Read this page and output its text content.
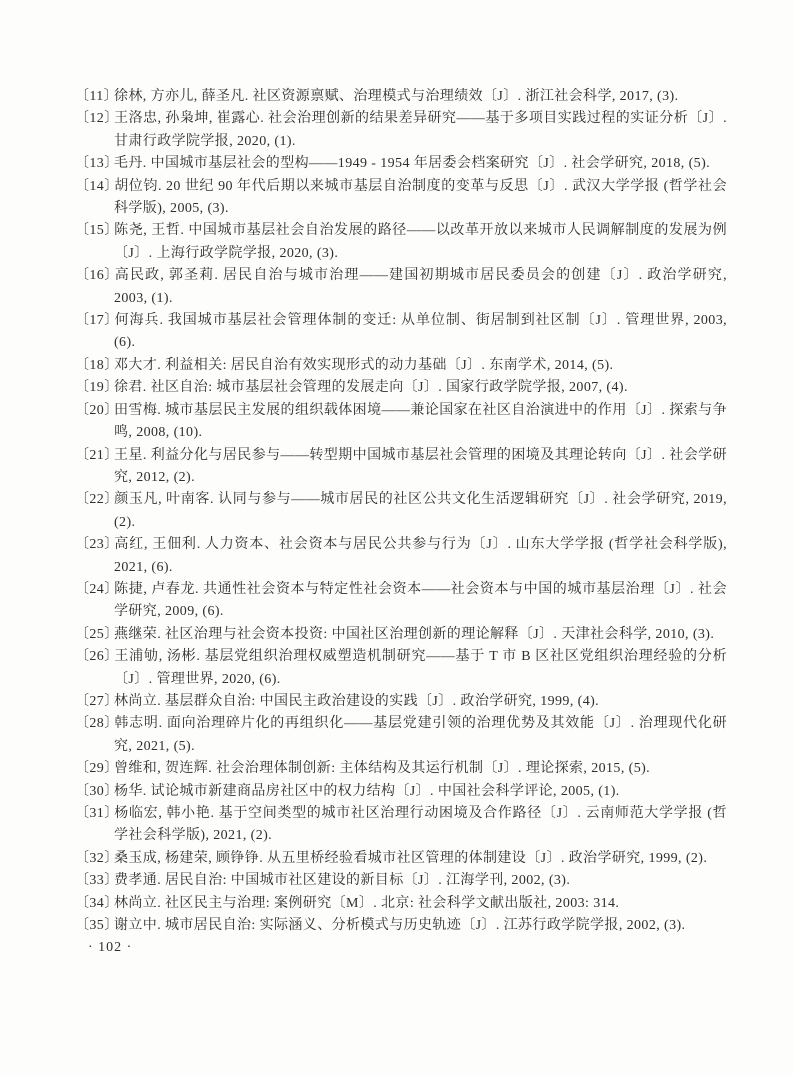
〔11〕徐林, 方亦儿, 薛圣凡. 社区资源禀赋、治理模式与治理绩效〔J〕. 浙江社会科学, 2017, (3).

〔12〕王洛忠, 孙枭坤, 崔露心. 社会治理创新的结果差异研究——基于多项目实践过程的实证分析〔J〕. 甘肃行政学院学报, 2020, (1).

〔13〕毛丹. 中国城市基层社会的型构——1949 - 1954 年居委会档案研究〔J〕. 社会学研究, 2018, (5).

〔14〕胡位钧. 20 世纪 90 年代后期以来城市基层自治制度的变革与反思〔J〕. 武汉大学学报 (哲学社会科学版), 2005, (3).

〔15〕陈尧, 王哲. 中国城市基层社会自治发展的路径——以改革开放以来城市人民调解制度的发展为例〔J〕. 上海行政学院学报, 2020, (3).

〔16〕高民政, 郭圣莉. 居民自治与城市治理——建国初期城市居民委员会的创建〔J〕. 政治学研究, 2003, (1).

〔17〕何海兵. 我国城市基层社会管理体制的变迁: 从单位制、街居制到社区制〔J〕. 管理世界, 2003, (6).

〔18〕邓大才. 利益相关: 居民自治有效实现形式的动力基础〔J〕. 东南学术, 2014, (5).

〔19〕徐君. 社区自治: 城市基层社会管理的发展走向〔J〕. 国家行政学院学报, 2007, (4).

〔20〕田雪梅. 城市基层民主发展的组织载体困境——兼论国家在社区自治演进中的作用〔J〕. 探索与争鸣, 2008, (10).

〔21〕王星. 利益分化与居民参与——转型期中国城市基层社会管理的困境及其理论转向〔J〕. 社会学研究, 2012, (2).

〔22〕颜玉凡, 叶南客. 认同与参与——城市居民的社区公共文化生活逻辑研究〔J〕. 社会学研究, 2019, (2).

〔23〕高红, 王佃利. 人力资本、社会资本与居民公共参与行为〔J〕. 山东大学学报 (哲学社会科学版), 2021, (6).

〔24〕陈捷, 卢春龙. 共通性社会资本与特定性社会资本——社会资本与中国的城市基层治理〔J〕. 社会学研究, 2009, (6).

〔25〕燕继荣. 社区治理与社会资本投资: 中国社区治理创新的理论解释〔J〕. 天津社会科学, 2010, (3).

〔26〕王浦劬, 汤彬. 基层党组织治理权威塑造机制研究——基于 T 市 B 区社区党组织治理经验的分析〔J〕. 管理世界, 2020, (6).

〔27〕林尚立. 基层群众自治: 中国民主政治建设的实践〔J〕. 政治学研究, 1999, (4).

〔28〕韩志明. 面向治理碎片化的再组织化——基层党建引领的治理优势及其效能〔J〕. 治理现代化研究, 2021, (5).

〔29〕曾维和, 贺连辉. 社会治理体制创新: 主体结构及其运行机制〔J〕. 理论探索, 2015, (5).

〔30〕杨华. 试论城市新建商品房社区中的权力结构〔J〕. 中国社会科学评论, 2005, (1).

〔31〕杨临宏, 韩小艳. 基于空间类型的城市社区治理行动困境及合作路径〔J〕. 云南师范大学学报 (哲学社会科学版), 2021, (2).

〔32〕桑玉成, 杨建荣, 顾铮铮. 从五里桥经验看城市社区管理的体制建设〔J〕. 政治学研究, 1999, (2).

〔33〕费孝通. 居民自治: 中国城市社区建设的新目标〔J〕. 江海学刊, 2002, (3).

〔34〕林尚立. 社区民主与治理: 案例研究〔M〕. 北京: 社会科学文献出版社, 2003: 314.

〔35〕谢立中. 城市居民自治: 实际涵义、分析模式与历史轨迹〔J〕. 江苏行政学院学报, 2002, (3).

· 102 ·
